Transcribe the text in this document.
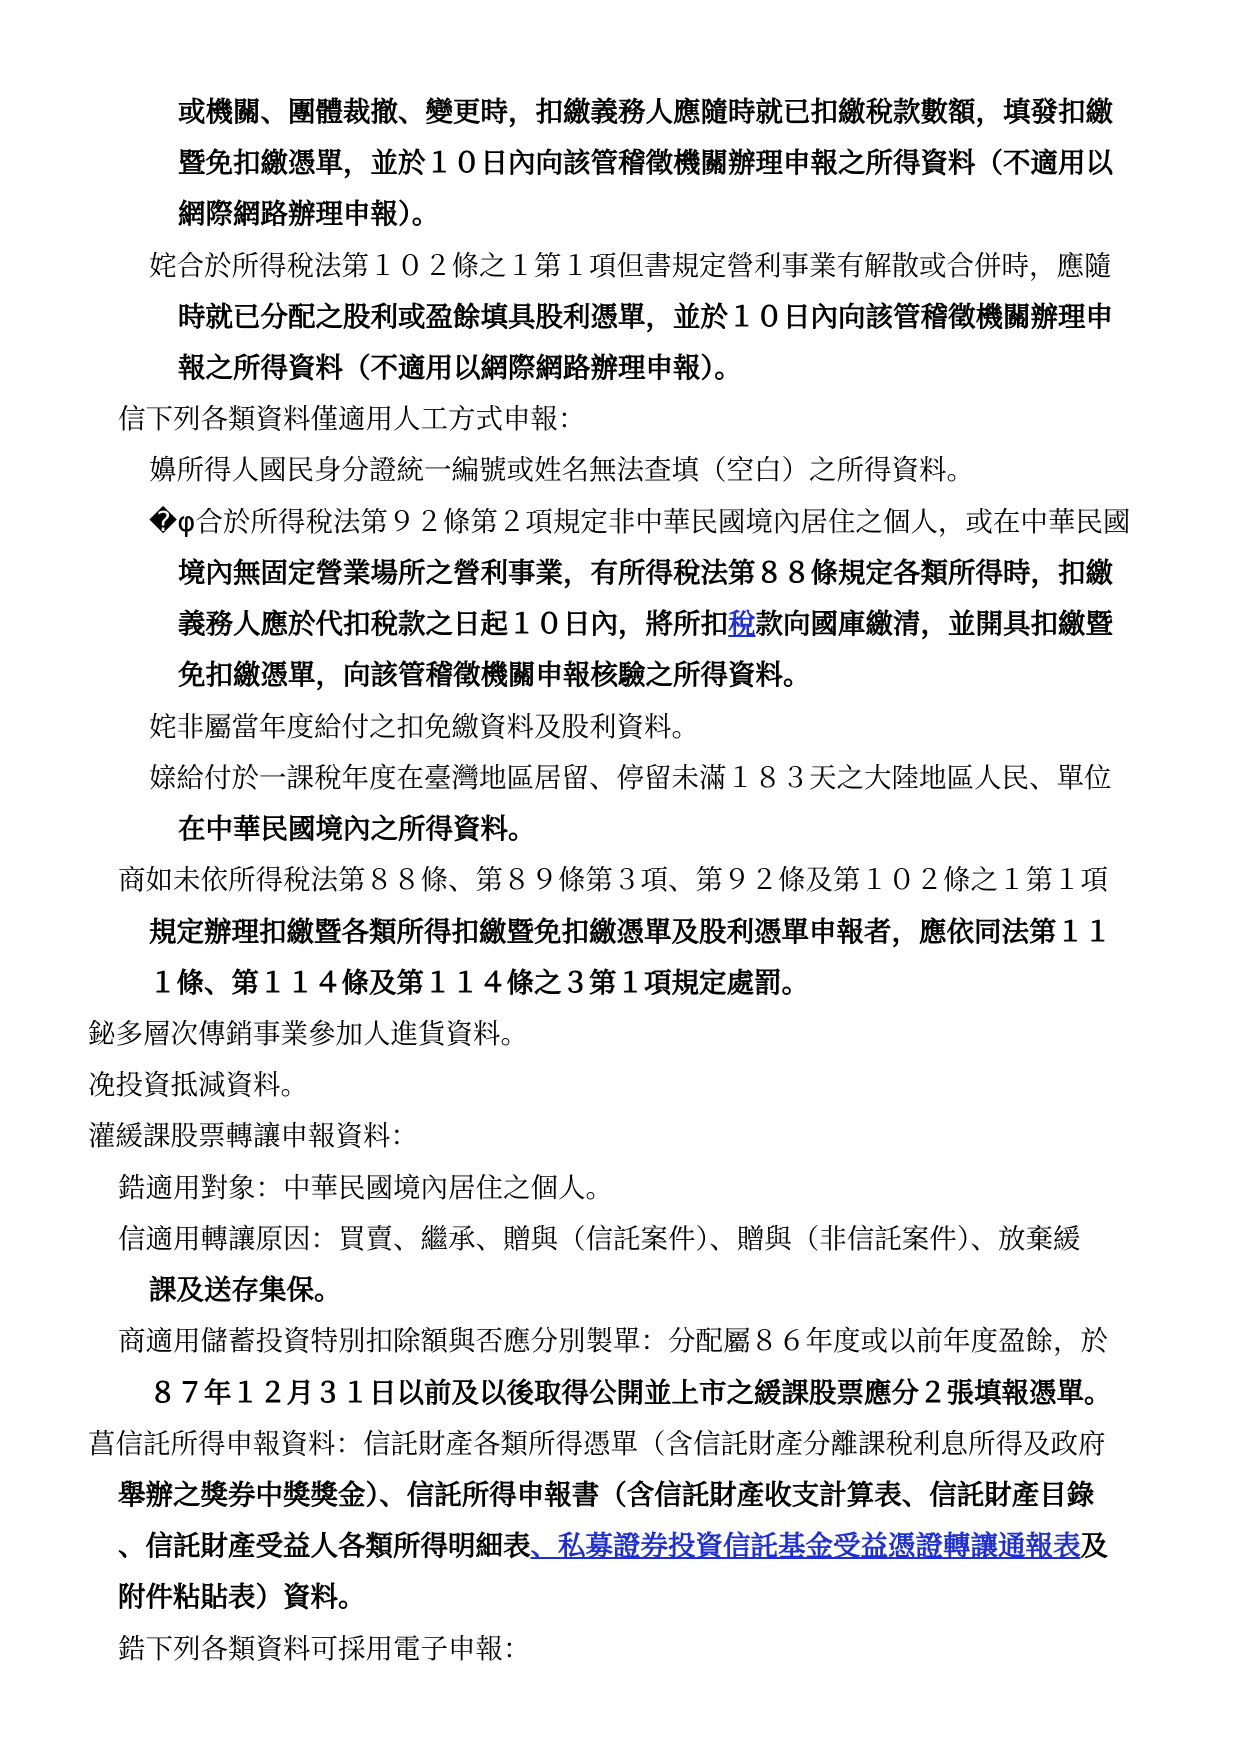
或機關、團體裁撤、變更時，扣繳義務人應隨時就已扣繳稅款數額，填發扣繳
暨免扣繳憑單，並於１０日內向該管稽徵機關辦理申報之所得資料（不適用以
網際網路辦理申報）。
姹合於所得稅法第１０２條之１第１項但書規定營利事業有解散或合併時，應隨
時就已分配之股利或盈餘填具股利憑單，並於１０日內向該管稽徵機關辦理申
報之所得資料（不適用以網際網路辦理申報）。
信下列各類資料僅適用人工方式申報：
嬶所得人國民身分證統一編號或姓名無法查填（空白）之所得資料。
�φ合於所得稅法第９２條第２項規定非中華民國境內居住之個人，或在中華民國
境內無固定營業場所之營利事業，有所得稅法第８８條規定各類所得時，扣繳
義務人應於代扣稅款之日起１０日內，將所扣稅款向國庫繳清，並開具扣繳暨
免扣繳憑單，向該管稽徵機關申報核驗之所得資料。
姹非屬當年度給付之扣免繳資料及股利資料。
媇給付於一課稅年度在臺灣地區居留、停留未滿１８３天之大陸地區人民、單位
在中華民國境內之所得資料。
商如未依所得稅法第８８條、第８９條第３項、第９２條及第１０２條之１第１項
規定辦理扣繳暨各類所得扣繳暨免扣繳憑單及股利憑單申報者，應依同法第１１
１條、第１１４條及第１１４條之３第１項規定處罰。
鉍多層次傳銷事業參加人進貨資料。
凂投資抵減資料。
灌緩課股票轉讓申報資料：
鋯適用對象：中華民國境內居住之個人。
信適用轉讓原因：買賣、繼承、贈與（信託案件）、贈與（非信託案件）、放棄緩
課及送存集保。
商適用儲蓄投資特別扣除額與否應分別製單：分配屬８６年度或以前年度盈餘，於
８７年１２月３１日以前及以後取得公開並上市之緩課股票應分２張填報憑單。
菖信託所得申報資料：信託財產各類所得憑單（含信託財產分離課稅利息所得及政府
舉辦之獎券中獎獎金）、信託所得申報書（含信託財產收支計算表、信託財產目錄
、信託財產受益人各類所得明細表、私募證券投資信託基金受益憑證轉讓通報表及
附件粘貼表）資料。
鋯下列各類資料可採用電子申報：
